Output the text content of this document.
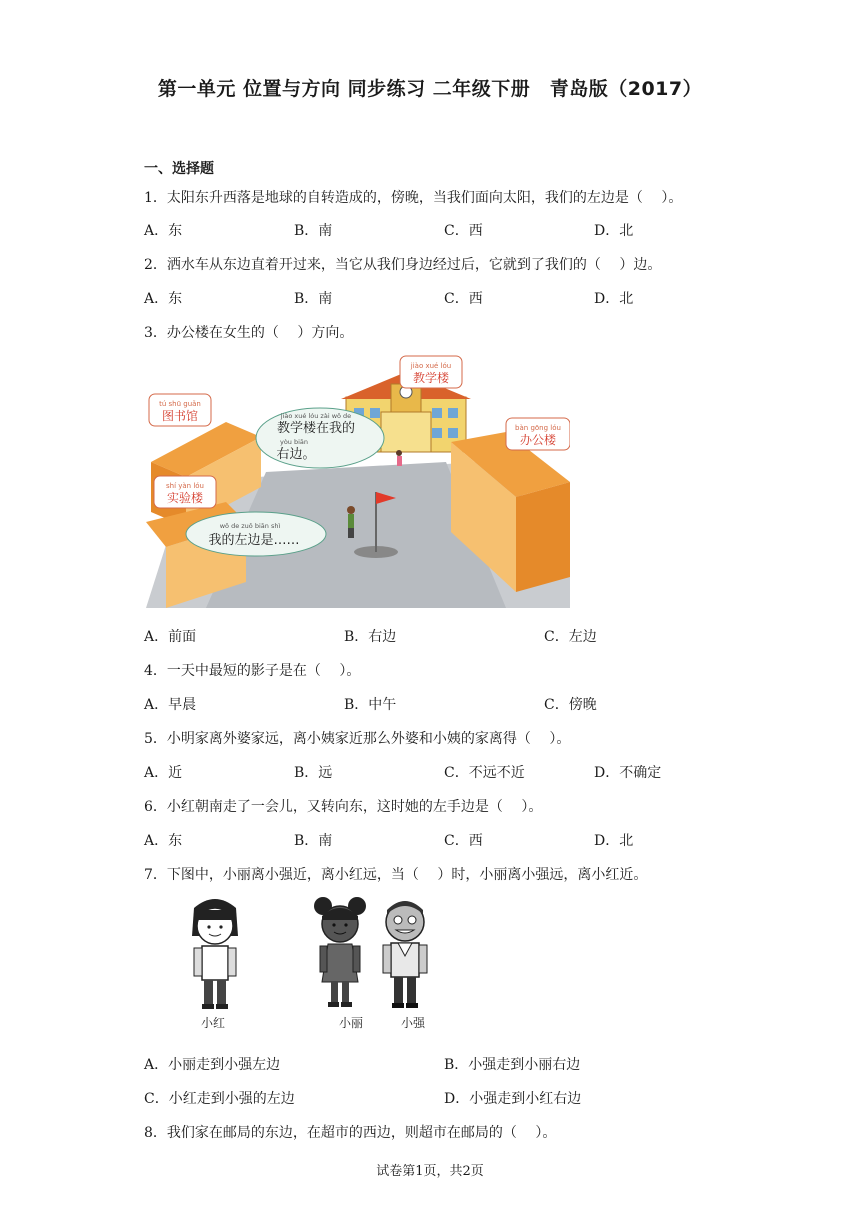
第一单元 位置与方向 同步练习 二年级下册　青岛版（2017）
一、选择题
1．太阳东升西落是地球的自转造成的，傍晚，当我们面向太阳，我们的左边是（　 ）。
A．东	B．南	C．西	D．北
2．洒水车从东边直着开过来，当它从我们身边经过后，它就到了我们的（　 ）边。
A．东	B．南	C．西	D．北
3．办公楼在女生的（　 ）方向。
tú shū guǎn
图书馆
jiào xué lóu
教学楼
bàn gōng lóu
办公楼
shí yàn lóu
实验楼
jiào xué lóu zài wǒ de
教学楼在我的
yòu biān
右边。
wǒ de zuǒ biān shì
我的左边是……
A．前面	B．右边	C．左边
4．一天中最短的影子是在（　 ）。
A．早晨	B．中午	C．傍晚
5．小明家离外婆家远，离小姨家近那么外婆和小姨的家离得（　 ）。
A．近	B．远	C．不远不近	D．不确定
6．小红朝南走了一会儿，又转向东，这时她的左手边是（　 ）。
A．东	B．南	C．西	D．北
7．下图中，小丽离小强近，离小红远，当（　 ）时，小丽离小强远，离小红近。
小红	小丽	小强
A．小丽走到小强左边	B．小强走到小丽右边
C．小红走到小强的左边	D．小强走到小红右边
8．我们家在邮局的东边，在超市的西边，则超市在邮局的（　 ）。
试卷第1页，共2页
